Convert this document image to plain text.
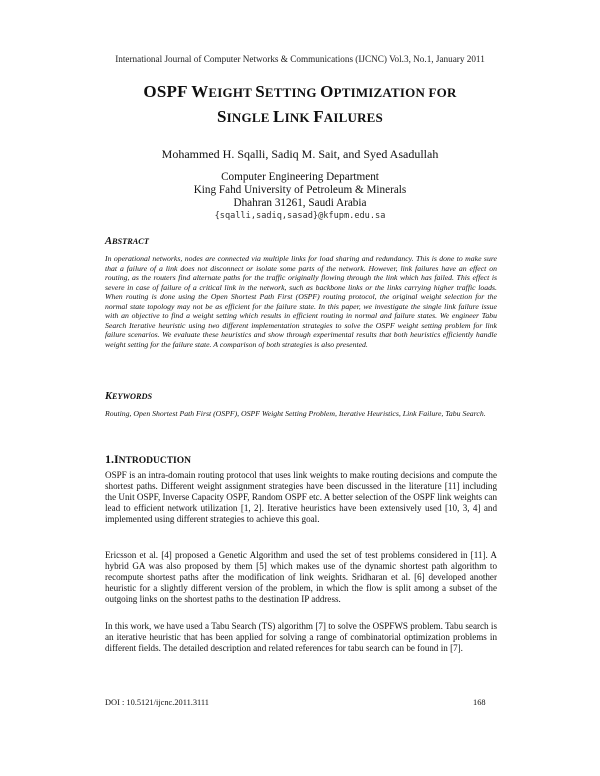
International Journal of Computer Networks & Communications (IJCNC) Vol.3, No.1, January 2011
OSPF WEIGHT SETTING OPTIMIZATION FOR
SINGLE LINK FAILURES
Mohammed H. Sqalli, Sadiq M. Sait, and Syed Asadullah
Computer Engineering Department
King Fahd University of Petroleum & Minerals
Dhahran 31261, Saudi Arabia
{sqalli,sadiq,sasad}@kfupm.edu.sa
ABSTRACT
In operational networks, nodes are connected via multiple links for load sharing and redundancy. This is done to make sure that a failure of a link does not disconnect or isolate some parts of the network. However, link failures have an effect on routing, as the routers find alternate paths for the traffic originally flowing through the link which has failed. This effect is severe in case of failure of a critical link in the network, such as backbone links or the links carrying higher traffic loads. When routing is done using the Open Shortest Path First (OSPF) routing protocol, the original weight selection for the normal state topology may not be as efficient for the failure state. In this paper, we investigate the single link failure issue with an objective to find a weight setting which results in efficient routing in normal and failure states. We engineer Tabu Search Iterative heuristic using two different implementation strategies to solve the OSPF weight setting problem for link failure scenarios. We evaluate these heuristics and show through experimental results that both heuristics efficiently handle weight setting for the failure state. A comparison of both strategies is also presented.
KEYWORDS
Routing, Open Shortest Path First (OSPF), OSPF Weight Setting Problem, Iterative Heuristics, Link Failure, Tabu Search.
1.INTRODUCTION
OSPF is an intra-domain routing protocol that uses link weights to make routing decisions and compute the shortest paths. Different weight assignment strategies have been discussed in the literature [11] including the Unit OSPF, Inverse Capacity OSPF, Random OSPF etc. A better selection of the OSPF link weights can lead to efficient network utilization [1, 2]. Iterative heuristics have been extensively used [10, 3, 4] and implemented using different strategies to achieve this goal.
Ericsson et al. [4] proposed a Genetic Algorithm and used the set of test problems considered in [11]. A hybrid GA was also proposed by them [5] which makes use of the dynamic shortest path algorithm to recompute shortest paths after the modification of link weights. Sridharan et al. [6] developed another heuristic for a slightly different version of the problem, in which the flow is split among a subset of the outgoing links on the shortest paths to the destination IP address.
In this work, we have used a Tabu Search (TS) algorithm [7] to solve the OSPFWS problem. Tabu search is an iterative heuristic that has been applied for solving a range of combinatorial optimization problems in different fields. The detailed description and related references for tabu search can be found in [7].
DOI : 10.5121/ijcnc.2011.3111	168
